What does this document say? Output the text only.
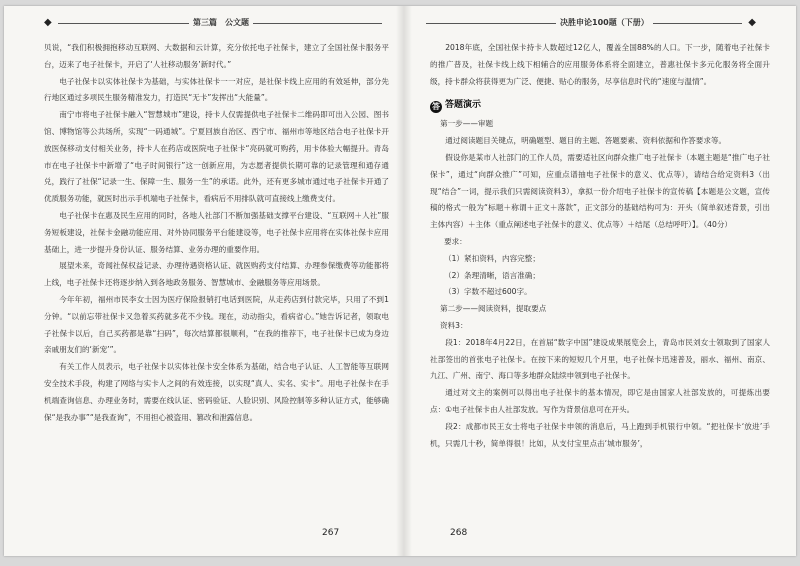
◆	第三篇　公文题

贝说，“我们积极拥抱移动互联网、大数据和云计算，充分依托电子社保卡，建立了全国社保卡服务平台，迈来了电子社保卡，开启了‘人社移动服务’新时代。”

电子社保卡以实体社保卡为基础，与实体社保卡一一对应，是社保卡线上应用的有效延伸，部分先行地区通过多项民生服务精准发力，打造民“无卡”发挥出“大能量”。

南宁市将电子社保卡融入“智慧城市”建设，持卡人仅需提供电子社保卡二维码即可出入公园、图书馆、博物馆等公共场所，实现“一码通城”。宁夏回族自治区、西宁市、福州市等地区结合电子社保卡开放医保移动支付相关业务，持卡人在药店或医院电子社保卡“亮码就可购药，用卡体验大幅提升。青岛市在电子社保卡中新增了“电子时间银行”这一创新应用，为志愿者提供长期可靠的记录管理和通存通兑，践行了社保“记录一生、保障一生、服务一生”的承诺。此外，还有更多城市通过电子社保卡开通了优质服务功能，就医时出示手机端电子社保卡，看病后不用排队就可直接线上缴费支付。

电子社保卡在惠及民生应用的同时，各地人社部门不断加强基础支撑平台建设、“互联网＋人社”服务短板建设，社保卡金融功能应用、对外协同服务平台能建设等，电子社保卡应用将在实体社保卡应用基础上，进一步提升身份认证、服务结算、业务办理的重要作用。

展望未来，奇闻社保权益记录、办理待遇资格认证、就医购药支付结算、办理参保缴费等功能都将上线，电子社保卡还将逐步纳入到各地政务服务、智慧城市、金融服务等应用场景。

今年年初，福州市民李女士因为医疗保险报销打电话到医院，从走药店到付款完毕，只用了不到1分钟。“以前忘带社保卡又急着买药就多花不少钱。现在，动动指尖，看病省心。”她告诉记者，领取电子社保卡以后，自己买药都是靠“扫码”，每次结算都很顺利，“在我的推荐下，电子社保卡已成为身边亲戚朋友们的‘新宠’”。

有关工作人员表示，电子社保卡以实体社保卡安全体系为基础，结合电子认证、人工智能等互联网安全技术手段，构建了网络与实卡人之间的有效连接，以实现“真人、实名、实卡”。用电子社保卡在手机端查询信息、办理业务时，需要在线认证、密码验证、人脸识别、风险控制等多种认证方式，能够确保“是我办事”“是我查询”，不用担心被盗用、篡改和泄露信息。

267
决胜申论100题（下册）	◆

2018年底，全国社保卡持卡人数超过12亿人，覆盖全国88%的人口。下一步，随着电子社保卡的推广普及，社保卡线上线下相辅合的应用服务体系将全面建立，普惠社保卡多元化服务将全面升级，持卡群众将获得更为广泛、便捷、贴心的服务，尽享信息时代的“速度与温情”。

答 答题演示

第一步——审题

通过阅读题目关键点，明确题型、题目的主题、答题要素、资料依据和作答要求等。

假设你是某市人社部门的工作人员，需要适社区向群众推广电子社保卡（本题主题是“推广电子社保卡”，通过“向群众推广”可知，应重点谱抽电子社保卡的意义、优点等），请结合给定资料3（出现“结合”一词，提示我们只需阅读资料3），拿拟一份介绍电子社保卡的宣传稿【本题是公文题，宣传稿的格式一般为“标题＋称谓＋正文＋落款”，正文部分的基础结构可为：开头（简单叙述背景，引出主体内容）＋主体（重点阐述电子社保卡的意义、优点等）＋结尾（总结呼吁）】。（40分）

要求：

（1）紧扣资料，内容完整；

（2）条理清晰，语言准确；

（3）字数不超过600字。

第二步——阅读资料，提取要点

资料3：

段1：2018年4月22日，在首届“数字中国”建设成果展览会上，青岛市民刘女士领取到了国家人社部签出的首张电子社保卡。在按下来的短短几个月里，电子社保卡迅速普及，丽水、福州、南京、九江、广州、南宁、海口等多地群众陆续申领到电子社保卡。

通过对文主的案例可以得出电子社保卡的基本情况，即它是由国家人社部发放的，可提炼出要点：①电子社保卡由人社部发放。写作为背景信息可在开头。

段2：成都市民王女士将电子社保卡申领的消息后，马上跑到手机银行中领。“把社保卡‘放进’手机，只需几十秒，简单得很！比如，从支付宝里点击‘城市服务’，

268
